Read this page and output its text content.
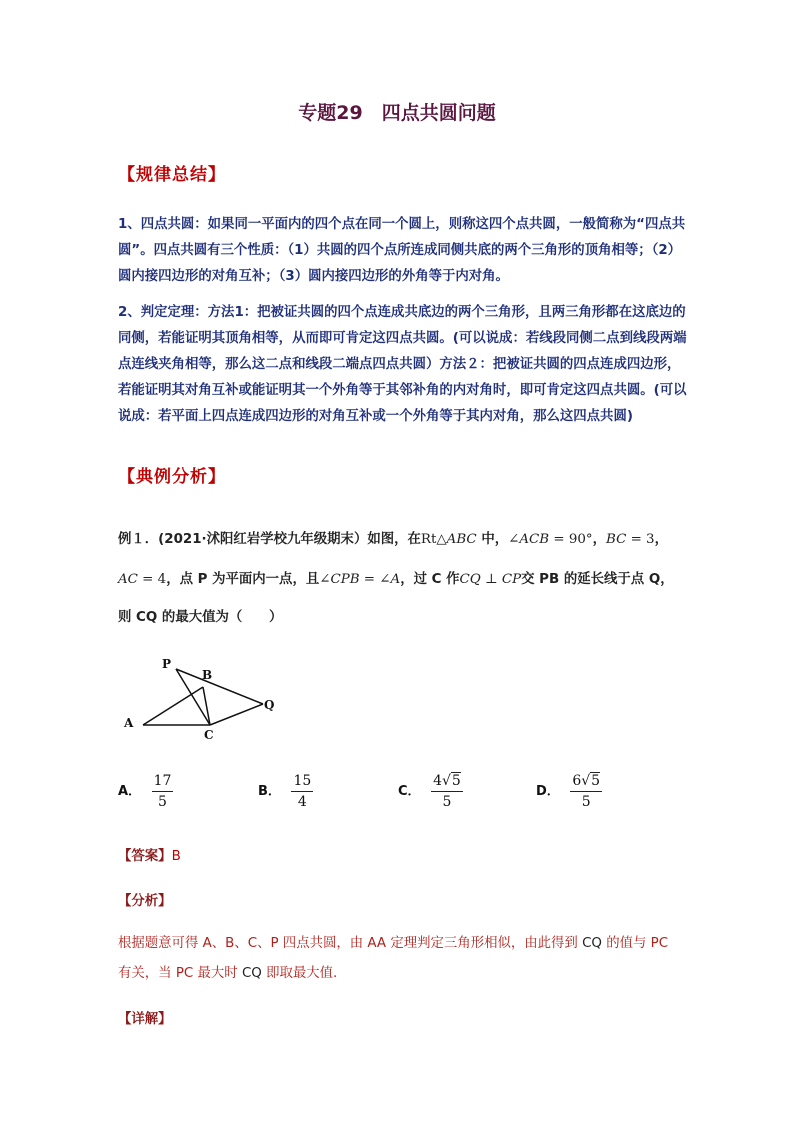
专题29　四点共圆问题
【规律总结】

1、四点共圆：如果同一平面内的四个点在同一个圆上，则称这四个点共圆，一般简称为“四点共圆”。四点共圆有三个性质：（1）共圆的四个点所连成同侧共底的两个三角形的顶角相等；（2）圆内接四边形的对角互补；（3）圆内接四边形的外角等于内对角。

2、判定定理：方法1：把被证共圆的四个点连成共底边的两个三角形，且两三角形都在这底边的同侧，若能证明其顶角相等，从而即可肯定这四点共圆。(可以说成：若线段同侧二点到线段两端点连线夹角相等，那么这二点和线段二端点四点共圆）方法２：把被证共圆的四点连成四边形，若能证明其对角互补或能证明其一个外角等于其邻补角的内对角时，即可肯定这四点共圆。(可以说成：若平面上四点连成四边形的对角互补或一个外角等于其内对角，那么这四点共圆)

【典例分析】
例１．(2021·沭阳红岩学校九年级期末）如图，在Rt△ABC 中，∠ACB = 90°，BC = 3，
AC = 4，点 P 为平面内一点，且∠CPB = ∠A，过 C 作CQ ⊥ CP交 PB 的延长线于点 Q，
则 CQ 的最大值为（　　）
P
B
Q
A
C
A． $\frac{17}{5}$	B． $\frac{15}{4}$	C． $\frac{4√5}{5}$	D． $\frac{6√5}{5}$
【答案】B
【分析】
根据题意可得 A、B、C、P 四点共圆，由 AA 定理判定三角形相似，由此得到 CQ 的值与 PC
有关，当 PC 最大时 CQ 即取最大值.
【详解】
